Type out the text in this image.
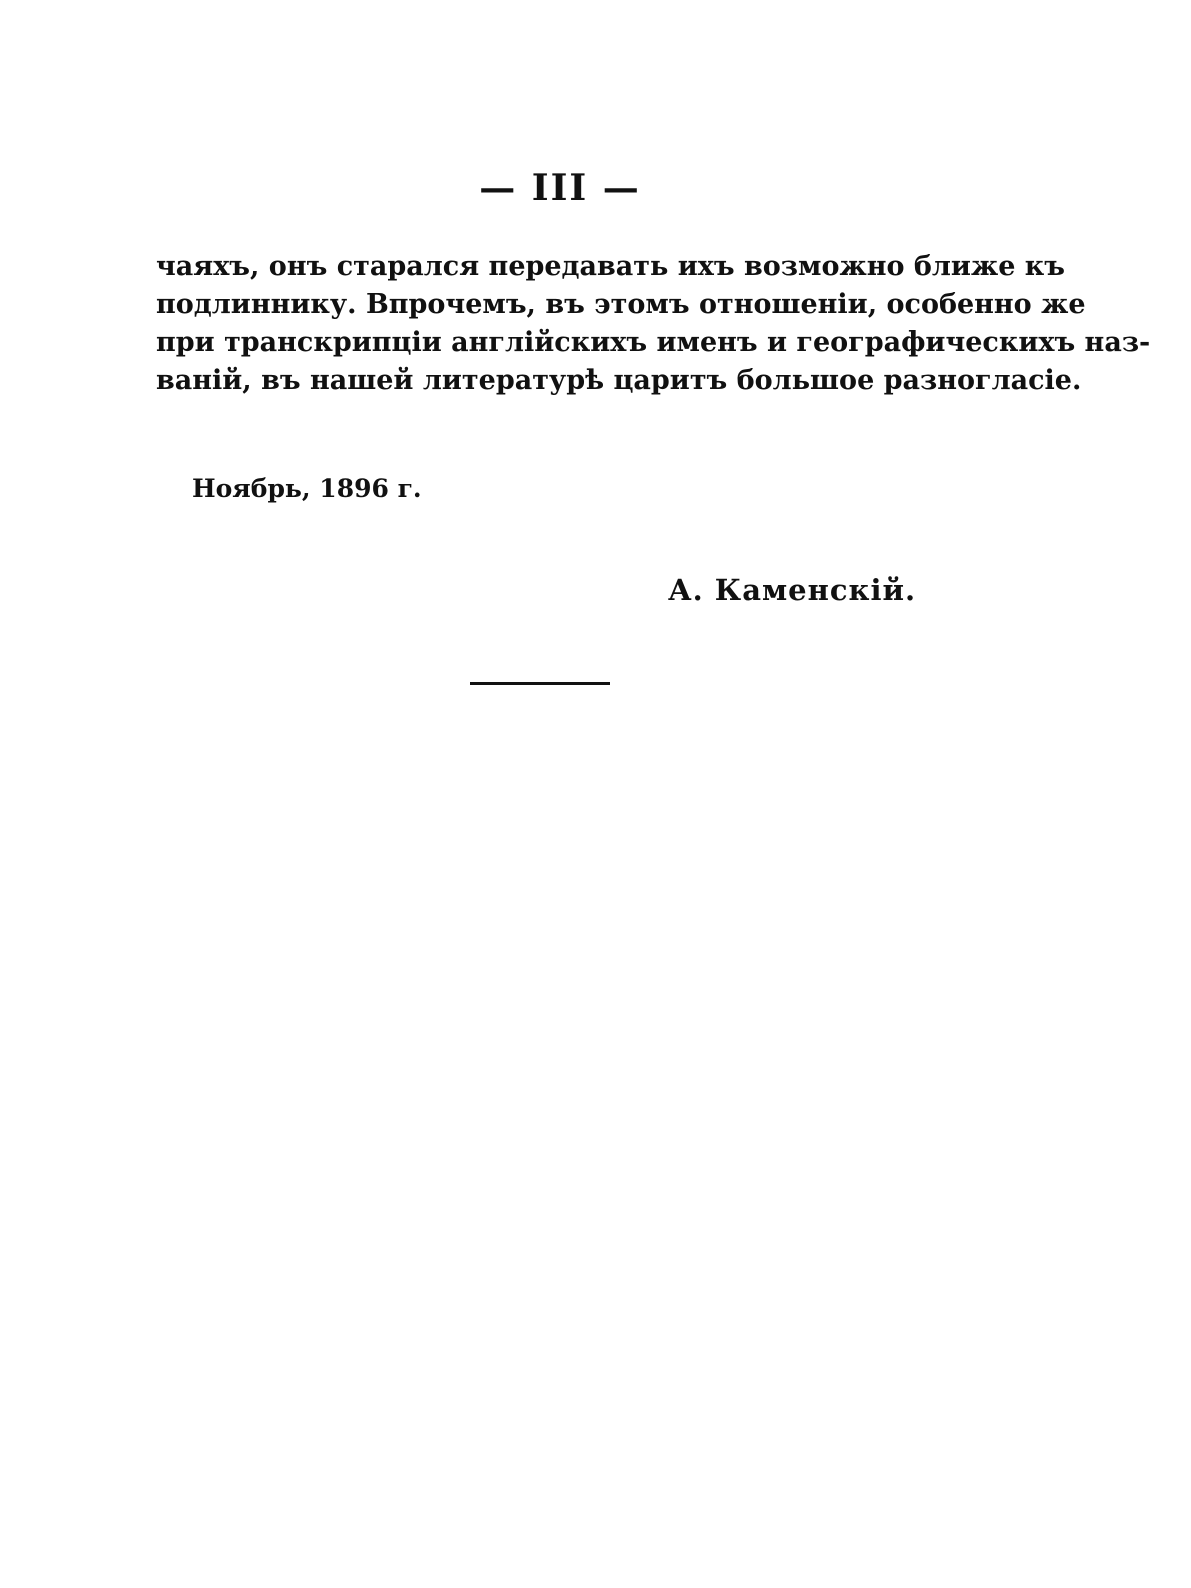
— III —
чаяхъ, онъ старался передавать ихъ возможно ближе къ
подлиннику. Впрочемъ, въ этомъ отношеніи, особенно же
при транскрипціи англійскихъ именъ и географическихъ наз-
ваній, въ нашей литературѣ царитъ большое разногласіе.
Ноябрь, 1896 г.
А. Каменскій.
